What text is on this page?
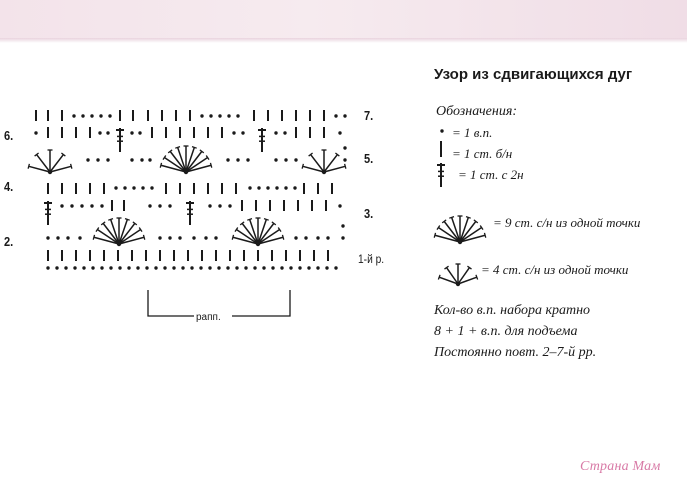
Узор из сдвигающихся дуг
Обозначения:
= 1 в.п.
= 1 ст. б/н
= 1 ст. с 2н
= 9 ст. с/н из одной точки
= 4 ст. с/н из одной точки
Кол-во в.п. набора кратно
8 + 1 + в.п. для подъема
Постоянно повт. 2–7-й рр.
6.
4.
2.
7.
5.
3.
1-й р.
рапп.
Страна Мам
